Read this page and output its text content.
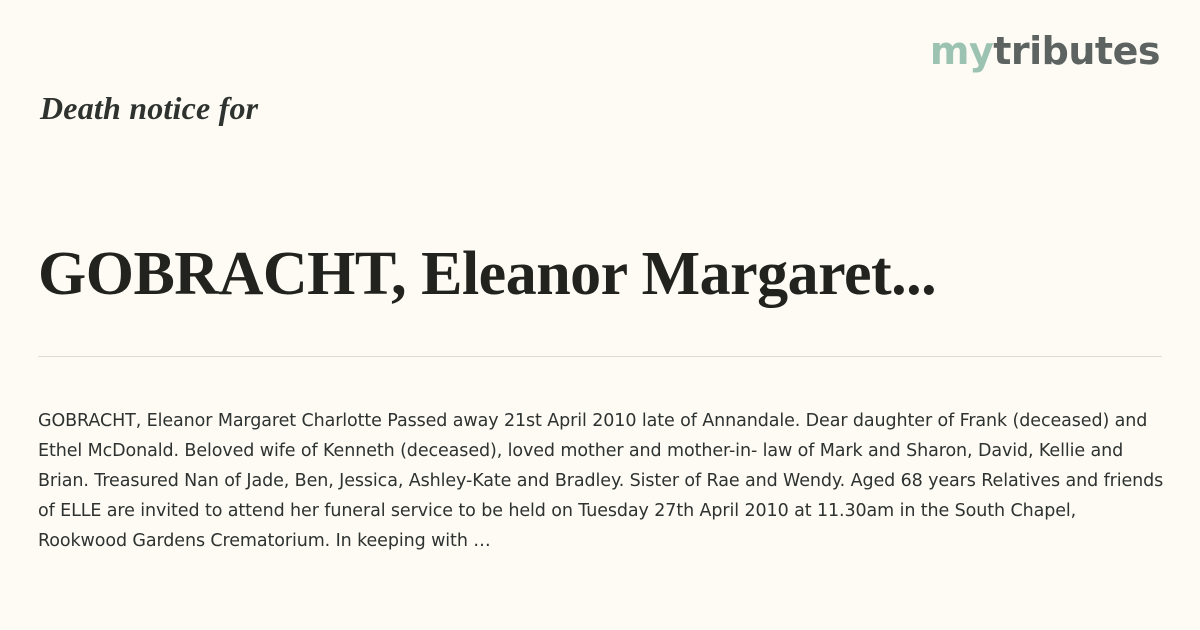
mytributes
Death notice for
GOBRACHT, Eleanor Margaret...

GOBRACHT, Eleanor Margaret Charlotte Passed away 21st April 2010 late of Annandale. Dear daughter of Frank (deceased) and Ethel McDonald. Beloved wife of Kenneth (deceased), loved mother and mother-in- law of Mark and Sharon, David, Kellie and Brian. Treasured Nan of Jade, Ben, Jessica, Ashley-Kate and Bradley. Sister of Rae and Wendy. Aged 68 years Relatives and friends of ELLE are invited to attend her funeral service to be held on Tuesday 27th April 2010 at 11.30am in the South Chapel, Rookwood Gardens Crematorium. In keeping with …
